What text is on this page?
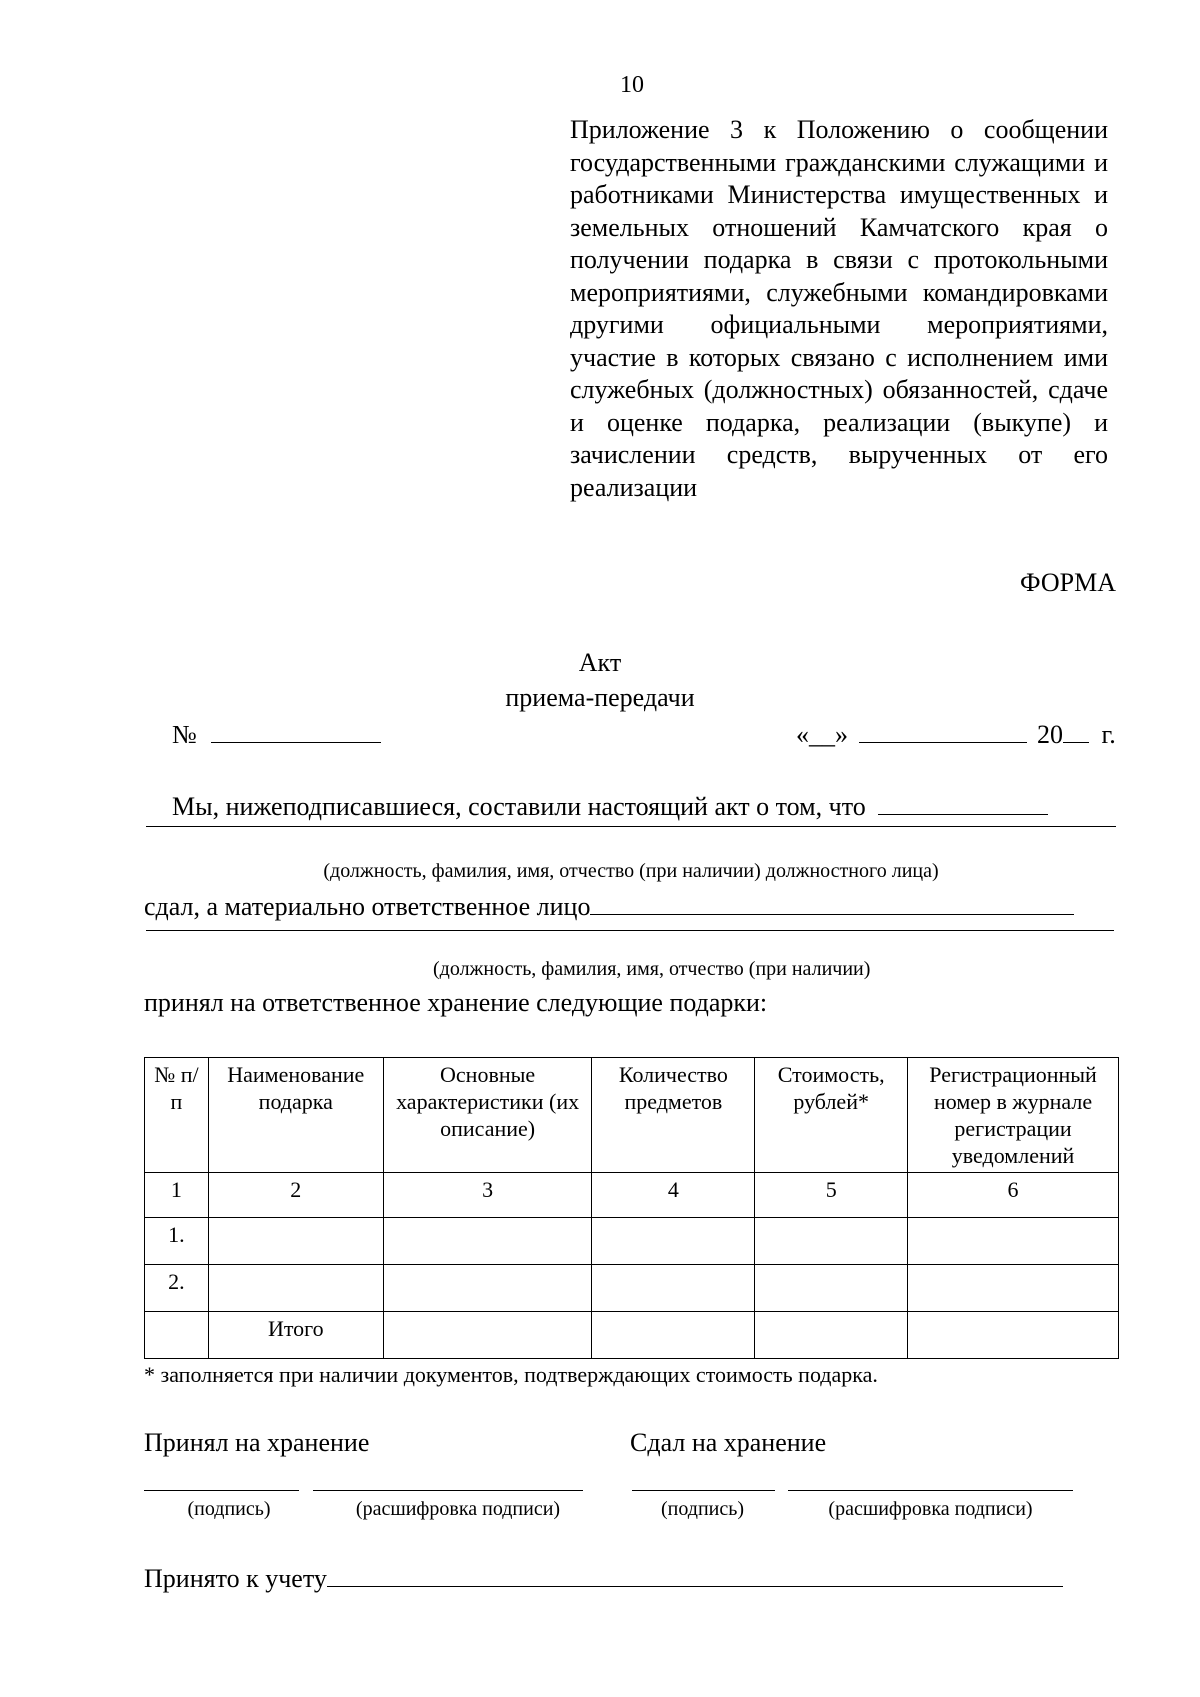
10
Приложение 3 к Положению о сообщении государственными гражданскими служащими и работниками Министерства имущественных и земельных отношений Камчатского края о получении подарка в связи с протокольными мероприятиями, служебными командировками другими официальными мероприятиями, участие в которых связано с исполнением ими служебных (должностных) обязанностей, сдаче и оценке подарка, реализации (выкупе) и зачислении средств, вырученных от его реализации
ФОРМА
Акт
приема-передачи
№	«__»	20 г.
Мы, нижеподписавшиеся, составили настоящий акт о том, что
(должность, фамилия, имя, отчество (при наличии) должностного лица)
сдал, а материально ответственное лицо
(должность, фамилия, имя, отчество (при наличии)
принял на ответственное хранение следующие подарки:
№ п/п	Наименование подарка	Основные характеристики (их описание)	Количество предметов	Стоимость, рублей*	Регистрационный номер в журнале регистрации уведомлений
1	2	3	4	5	6
1.					
2.					
	Итого				
* заполняется при наличии документов, подтверждающих стоимость подарка.
Принял на хранение	Сдал на хранение
(подпись)	(расшифровка подписи)	(подпись)	(расшифровка подписи)
Принято к учету
